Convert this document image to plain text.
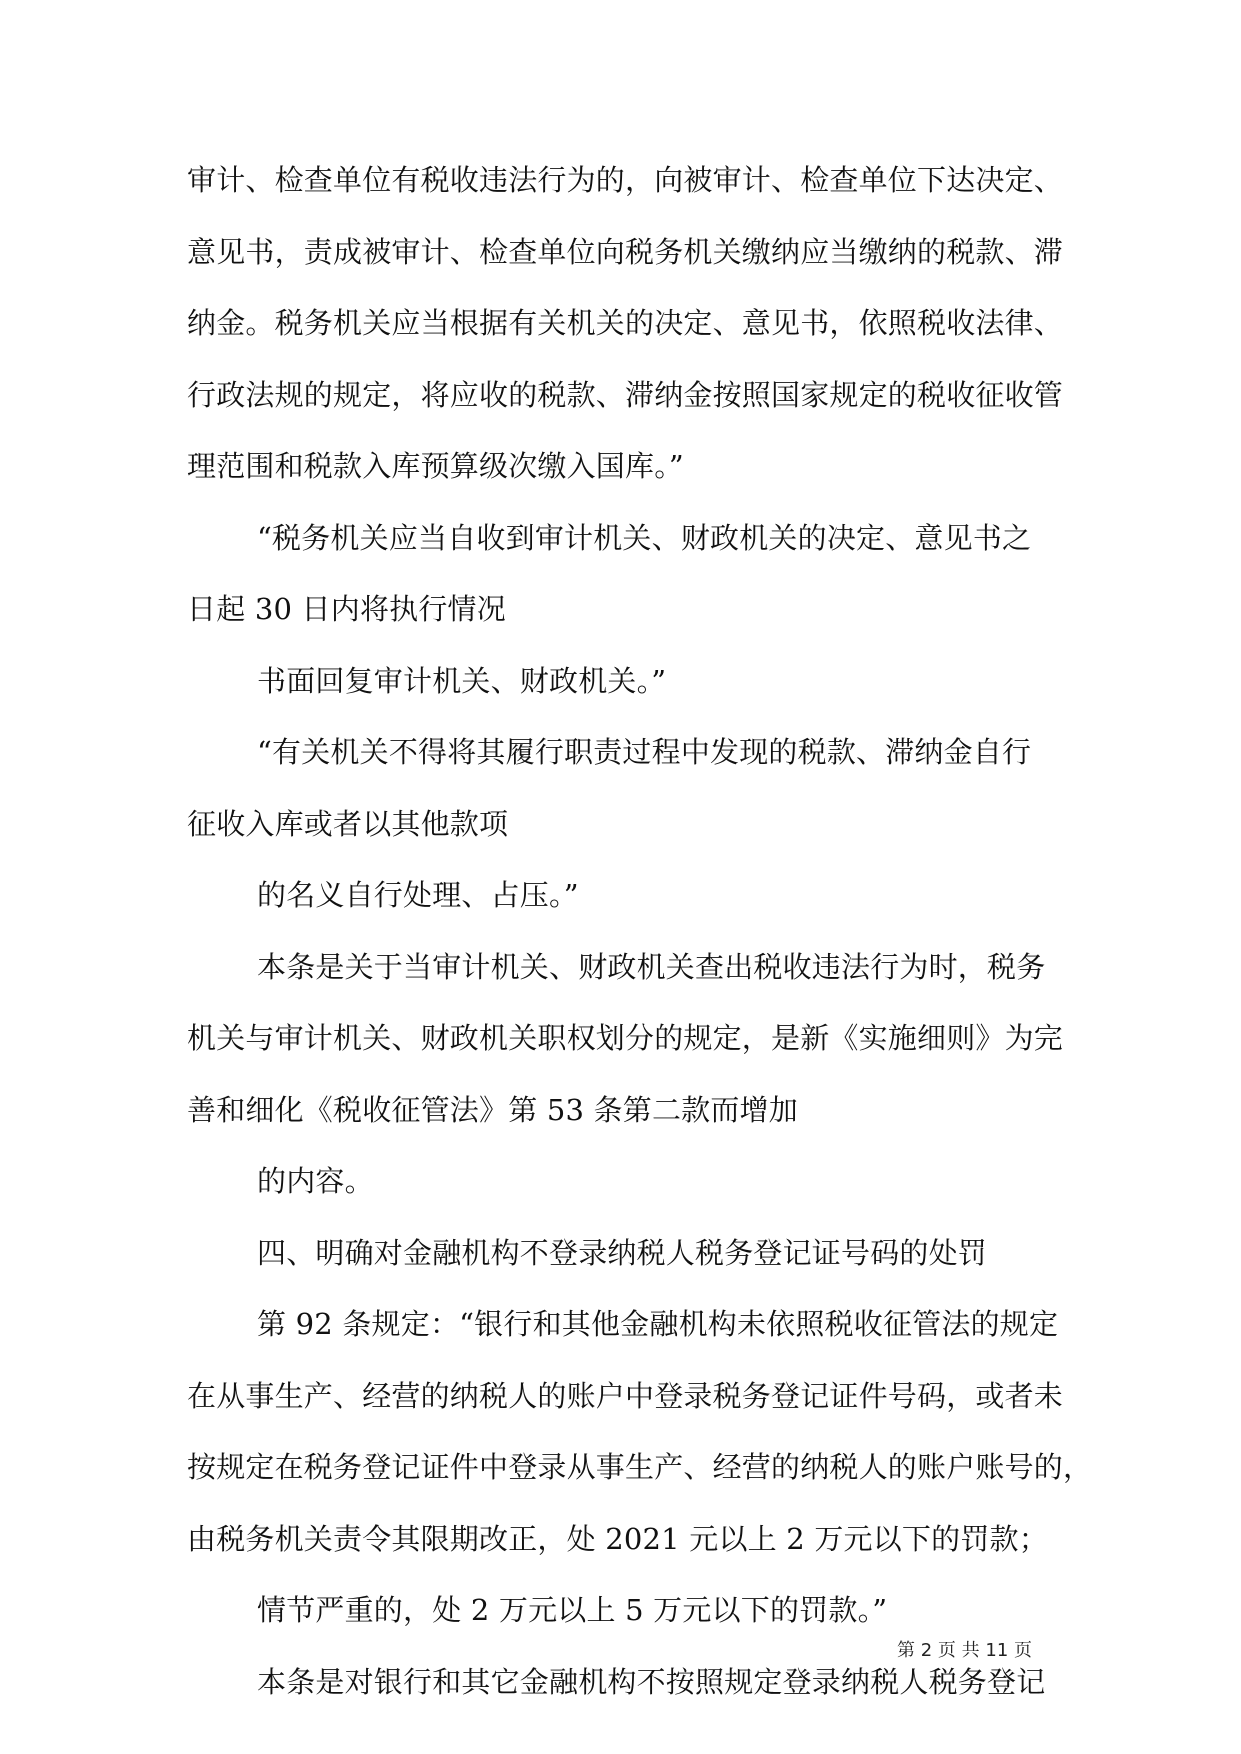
审计、检查单位有税收违法行为的，向被审计、检查单位下达决定、
意见书，责成被审计、检查单位向税务机关缴纳应当缴纳的税款、滞
纳金。税务机关应当根据有关机关的决定、意见书，依照税收法律、
行政法规的规定，将应收的税款、滞纳金按照国家规定的税收征收管
理范围和税款入库预算级次缴入国库。”
“税务机关应当自收到审计机关、财政机关的决定、意见书之
日起 30 日内将执行情况
书面回复审计机关、财政机关。”
“有关机关不得将其履行职责过程中发现的税款、滞纳金自行
征收入库或者以其他款项
的名义自行处理、占压。”
本条是关于当审计机关、财政机关查出税收违法行为时，税务
机关与审计机关、财政机关职权划分的规定，是新《实施细则》为完
善和细化《税收征管法》第 53 条第二款而增加
的内容。
四、明确对金融机构不登录纳税人税务登记证号码的处罚
第 92 条规定：“银行和其他金融机构未依照税收征管法的规定
在从事生产、经营的纳税人的账户中登录税务登记证件号码，或者未
按规定在税务登记证件中登录从事生产、经营的纳税人的账户账号的，
由税务机关责令其限期改正，处 2021 元以上 2 万元以下的罚款；
情节严重的，处 2 万元以上 5 万元以下的罚款。”
本条是对银行和其它金融机构不按照规定登录纳税人税务登记
第 2 页 共 11 页
